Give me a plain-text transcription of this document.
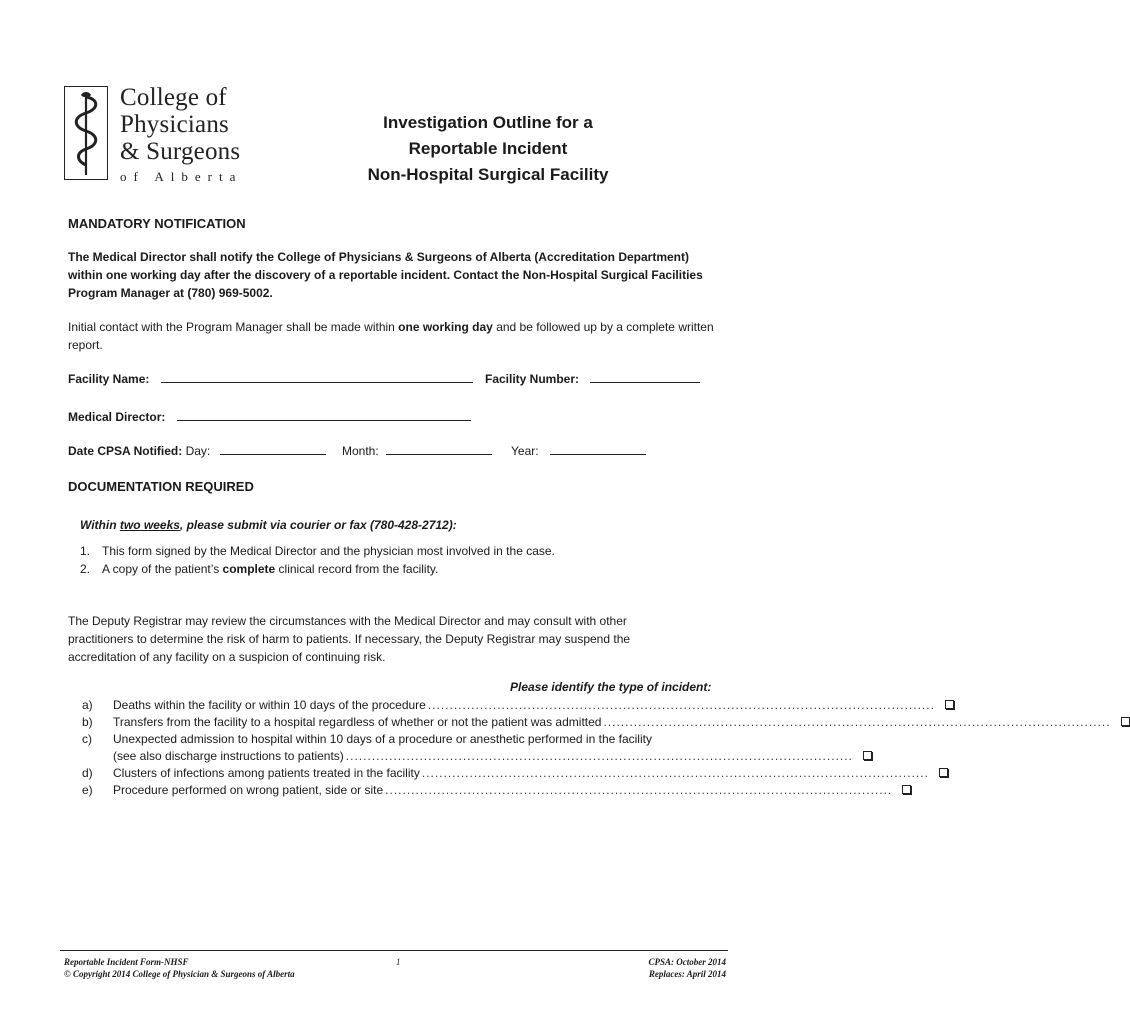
College of
Physicians
& Surgeons
of Alberta
Investigation Outline for a
Reportable Incident
Non-Hospital Surgical Facility
MANDATORY NOTIFICATION
The Medical Director shall notify the College of Physicians & Surgeons of Alberta (Accreditation Department) within one working day after the discovery of a reportable incident. Contact the Non-Hospital Surgical Facilities Program Manager at (780) 969-5002.
Initial contact with the Program Manager shall be made within one working day and be followed up by a complete written report.
Facility Name:	Facility Number:
Medical Director:
Date CPSA Notified: Day:	Month:	Year:
DOCUMENTATION REQUIRED
Within two weeks, please submit via courier or fax (780-428-2712):
1. This form signed by the Medical Director and the physician most involved in the case.
2. A copy of the patient’s complete clinical record from the facility.
The Deputy Registrar may review the circumstances with the Medical Director and may consult with other practitioners to determine the risk of harm to patients. If necessary, the Deputy Registrar may suspend the accreditation of any facility on a suspicion of continuing risk.
Please identify the type of incident:
a)	Deaths within the facility or within 10 days of the procedure .....................................................................................................................
b)	Transfers from the facility to a hospital regardless of whether or not the patient was admitted .....................................................................................................................
c)	Unexpected admission to hospital within 10 days of a procedure or anesthetic performed in the facility
(see also discharge instructions to patients) .....................................................................................................................
d)	Clusters of infections among patients treated in the facility .....................................................................................................................
e)	Procedure performed on wrong patient, side or site .....................................................................................................................
Reportable Incident Form-NHSF
© Copyright 2014 College of Physician & Surgeons of Alberta
1	CPSA: October 2014
Replaces: April 2014
